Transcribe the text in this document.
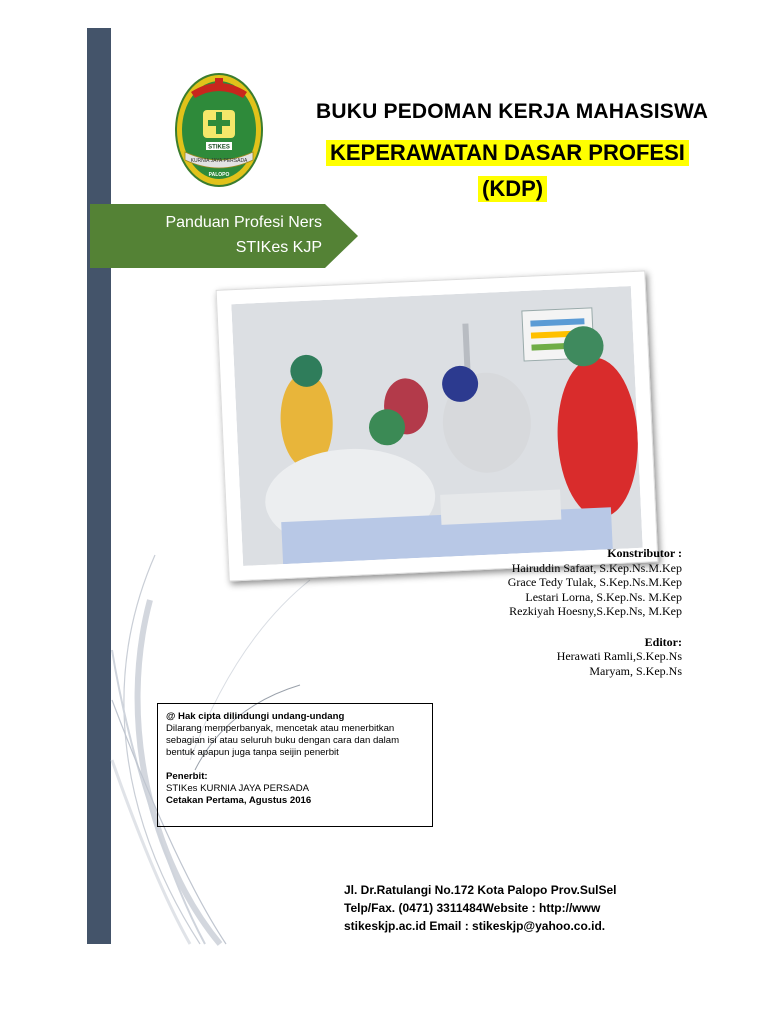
STIKES
KURNIA JAYA PERSADA
PALOPO
BUKU PEDOMAN KERJA MAHASISWA
KEPERAWATAN DASAR PROFESI
(KDP)
Panduan Profesi Ners
STIKes KJP
Konstributor :
Hairuddin Safaat, S.Kep.Ns.M.Kep
Grace Tedy Tulak, S.Kep.Ns.M.Kep
Lestari Lorna, S.Kep.Ns. M.Kep
Rezkiyah Hoesny,S.Kep.Ns, M.Kep
Editor:
Herawati Ramli,S.Kep.Ns
Maryam, S.Kep.Ns
@ Hak cipta dilindungi undang-undang
Dilarang memperbanyak, mencetak atau menerbitkan
sebagian isi atau seluruh buku dengan cara dan dalam
bentuk apapun juga tanpa seijin penerbit
Penerbit:
STIKes KURNIA JAYA PERSADA
Cetakan Pertama, Agustus 2016
Jl. Dr.Ratulangi No.172 Kota Palopo Prov.SulSel
Telp/Fax. (0471) 3311484Website : http://www
stikeskjp.ac.id Email : stikeskjp@yahoo.co.id.
